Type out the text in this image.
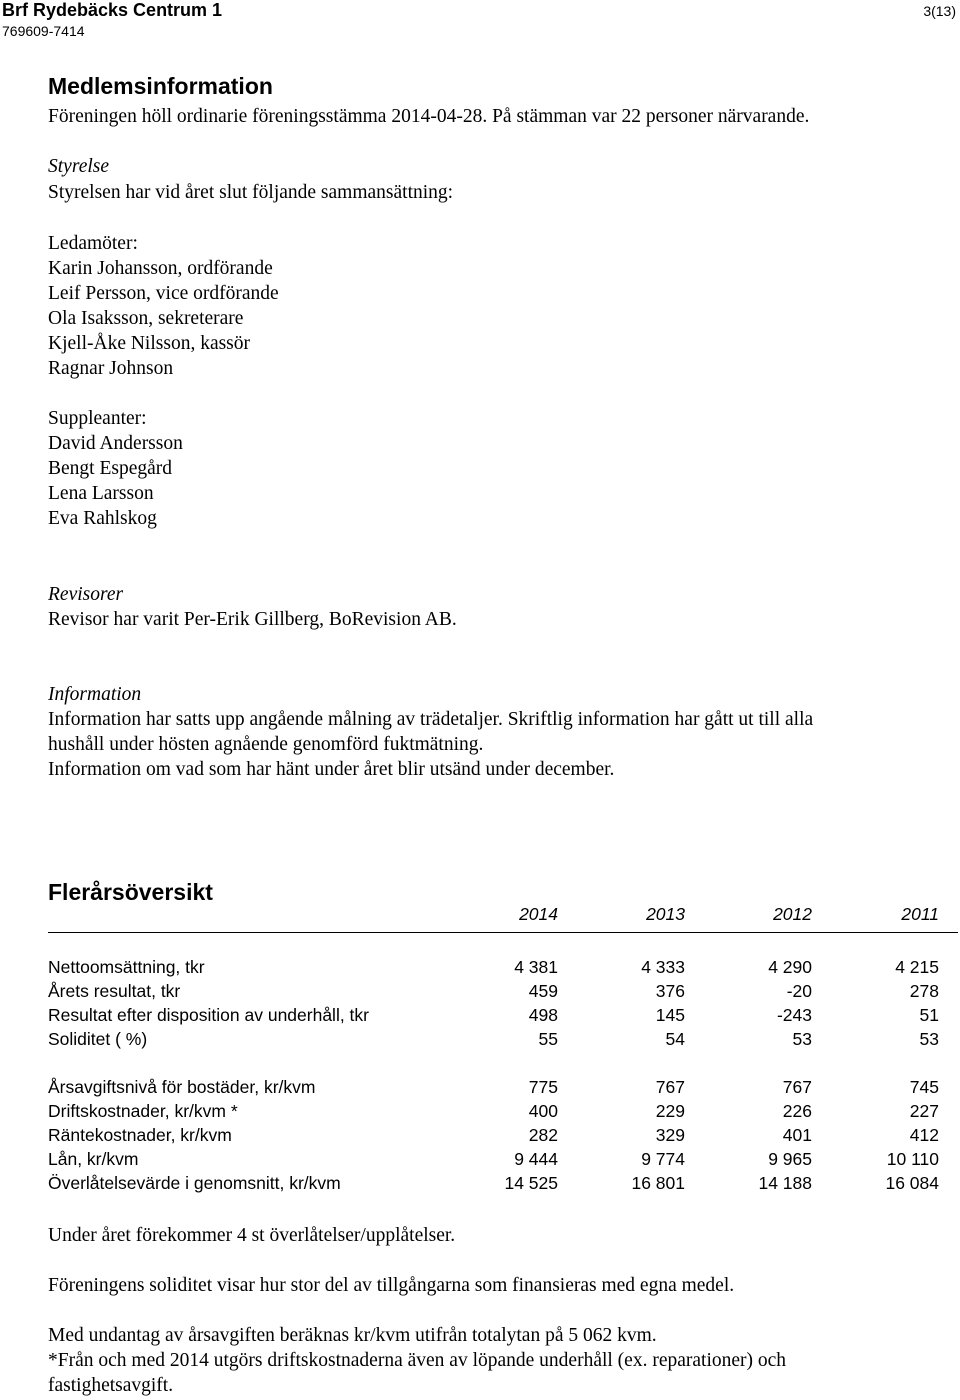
Brf Rydebäcks Centrum 1
769609-7414
3(13)
Medlemsinformation
Föreningen höll ordinarie föreningsstämma 2014-04-28. På stämman var 22 personer närvarande.
Styrelse
Styrelsen har vid året slut följande sammansättning:
Ledamöter:
Karin Johansson, ordförande
Leif Persson, vice ordförande
Ola Isaksson, sekreterare
Kjell-Åke Nilsson, kassör
Ragnar Johnson
Suppleanter:
David Andersson
Bengt Espegård
Lena Larsson
Eva Rahlskog
Revisorer
Revisor har varit Per-Erik Gillberg, BoRevision AB.
Information
Information har satts upp angående målning av trädetaljer. Skriftlig information har gått ut till alla
hushåll under hösten agnående genomförd fuktmätning.
Information om vad som har hänt under året blir utsänd under december.
Flerårsöversikt
2014	2013	2012	2011
Nettoomsättning, tkr	4 381	4 333	4 290	4 215
Årets resultat, tkr	459	376	-20	278
Resultat efter disposition av underhåll, tkr	498	145	-243	51
Soliditet ( %)	55	54	53	53
Årsavgiftsnivå för bostäder, kr/kvm	775	767	767	745
Driftskostnader, kr/kvm *	400	229	226	227
Räntekostnader, kr/kvm	282	329	401	412
Lån, kr/kvm	9 444	9 774	9 965	10 110
Överlåtelsevärde i genomsnitt, kr/kvm	14 525	16 801	14 188	16 084
Under året förekommer 4 st överlåtelser/upplåtelser.
Föreningens soliditet visar hur stor del av tillgångarna som finansieras med egna medel.
Med undantag av årsavgiften beräknas kr/kvm utifrån totalytan på 5 062 kvm.
*Från och med 2014 utgörs driftskostnaderna även av löpande underhåll (ex. reparationer) och
fastighetsavgift.
